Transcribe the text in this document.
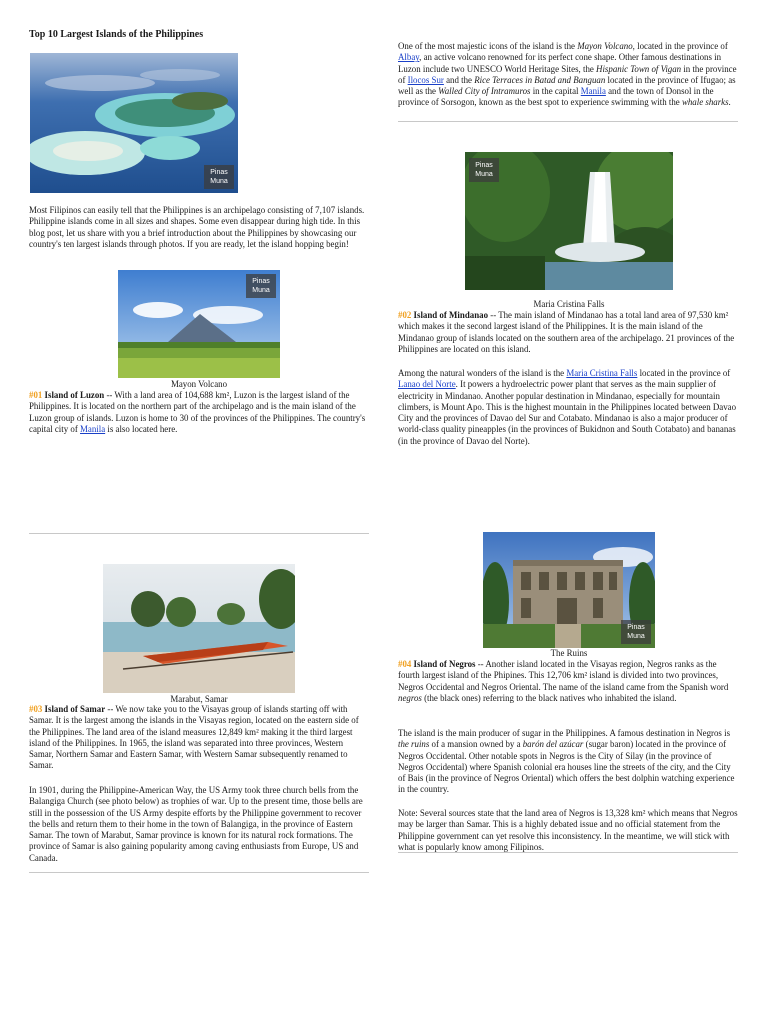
Top 10 Largest Islands of the Philippines
Pinas Muna

Most Filipinos can easily tell that the Philippines is an archipelago consisting of 7,107 islands. Philippine islands come in all sizes and shapes. Some even disappear during high tide. In this blog post, let us share with you a brief introduction about the Philippines by showcasing our country's ten largest islands through photos. If you are ready, let the island hopping begin!

Pinas Muna
Mayon Volcano

#01 Island of Luzon -- With a land area of 104,688 km², Luzon is the largest island of the Philippines. It is located on the northern part of the archipelago and is the main island of the Luzon group of islands. Luzon is home to 30 of the provinces of the Philippines. The country's capital city of Manila is also located here.

Marabut, Samar

#03 Island of Samar -- We now take you to the Visayas group of islands starting off with Samar. It is the largest among the islands in the Visayas region, located on the eastern side of the Philippines. The land area of the island measures 12,849 km² making it the third largest island of the Philippines. In 1965, the island was separated into three provinces, Western Samar, Northern Samar and Eastern Samar, with Western Samar subsequently renamed to Samar.

In 1901, during the Philippine-American Way, the US Army took three church bells from the Balangiga Church (see photo below) as trophies of war. Up to the present time, those bells are still in the possession of the US Army despite efforts by the Philippine government to recover the bells and return them to their home in the town of Balangiga, in the province of Eastern Samar. The town of Marabut, Samar province is known for its natural rock formations. The province of Samar is also gaining popularity among caving enthusiasts from Europe, US and Canada.

One of the most majestic icons of the island is the Mayon Volcano, located in the province of Albay, an active volcano renowned for its perfect cone shape. Other famous destinations in Luzon include two UNESCO World Heritage Sites, the Hispanic Town of Vigan in the province of Ilocos Sur and the Rice Terraces in Batad and Banguan located in the province of Ifugao; as well as the Walled City of Intramuros in the capital Manila and the town of Donsol in the province of Sorsogon, known as the best spot to experience swimming with the whale sharks.

Pinas Muna
Maria Cristina Falls

#02 Island of Mindanao -- The main island of Mindanao has a total land area of 97,530 km² which makes it the second largest island of the Philippines. It is the main island of the Mindanao group of islands located on the southern area of the archipelago. 21 provinces of the Philippines are located on this island.

Among the natural wonders of the island is the Maria Cristina Falls located in the province of Lanao del Norte. It powers a hydroelectric power plant that serves as the main supplier of electricity in Mindanao. Another popular destination in Mindanao, especially for mountain climbers, is Mount Apo. This is the highest mountain in the Philippines located between Davao City and the provinces of Davao del Sur and Cotabato. Mindanao is also a major producer of world-class quality pineapples (in the provinces of Bukidnon and South Cotabato) and bananas (in the province of Davao del Norte).

Pinas Muna
The Ruins

#04 Island of Negros -- Another island located in the Visayas region, Negros ranks as the fourth largest island of the Phipines. This 12,706 km² island is divided into two provinces, Negros Occidental and Negros Oriental. The name of the island came from the Spanish word negros (the black ones) referring to the black natives who inhabited the island.

The island is the main producer of sugar in the Philippines. A famous destination in Negros is the ruins of a mansion owned by a barón del azúcar (sugar baron) located in the province of Negros Occidental. Other notable spots in Negros is the City of Silay (in the province of Negros Occidental) where Spanish colonial era houses line the streets of the city, and the City of Bais (in the province of Negros Oriental) which offers the best dolphin watching experience in the country.

Note: Several sources state that the land area of Negros is 13,328 km² which means that Negros may be larger than Samar. This is a highly debated issue and no official statement from the Philippine government can yet resolve this inconsistency. In the meantime, we will stick with what is popularly know among Filipinos.
